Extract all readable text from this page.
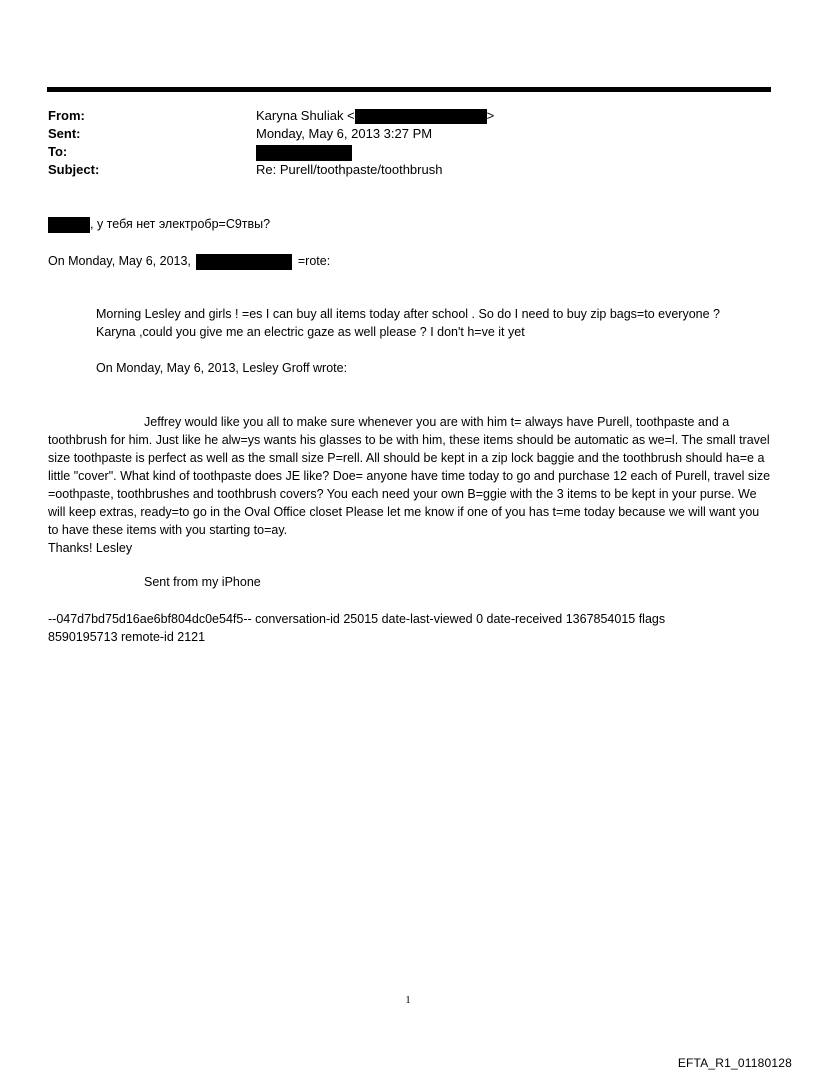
From:	Karyna Shuliak <	>
Sent:	Monday, May 6, 2013 3:27 PM
To:
Subject:	Re: Purell/toothpaste/toothbrush
, у тебя нет электробр=С9твы?
On Monday, May 6, 2013,	=rote:
Morning Lesley and girls ! =es I can buy all items today after school . So do I need to buy zip bags=to everyone ?
Karyna ,could you give me an electric gaze as well please ? I don't h=ve it yet
On Monday, May 6, 2013, Lesley Groff wrote:

Jeffrey would like you all to make sure whenever you are with him t= always have Purell, toothpaste and a toothbrush for him. Just like he alw=ys wants his glasses to be with him, these items should be automatic as we=l. The small travel size toothpaste is perfect as well as the small size P=rell. All should be kept in a zip lock baggie and the toothbrush should ha=e a little "cover". What kind of toothpaste does JE like? Doe= anyone have time today to go and purchase 12 each of Purell, travel size =oothpaste, toothbrushes and toothbrush covers? You each need your own B=ggie with the 3 items to be kept in your purse. We will keep extras, ready=to go in the Oval Office closet Please let me know if one of you has t=me today because we will want you to have these items with you starting to=ay.

Thanks! Lesley

Sent from my iPhone
--047d7bd75d16ae6bf804dc0e54f5-- conversation-id 25015 date-last-viewed 0 date-received 1367854015 flags
8590195713 remote-id 2121
1
EFTA_R1_01180128
